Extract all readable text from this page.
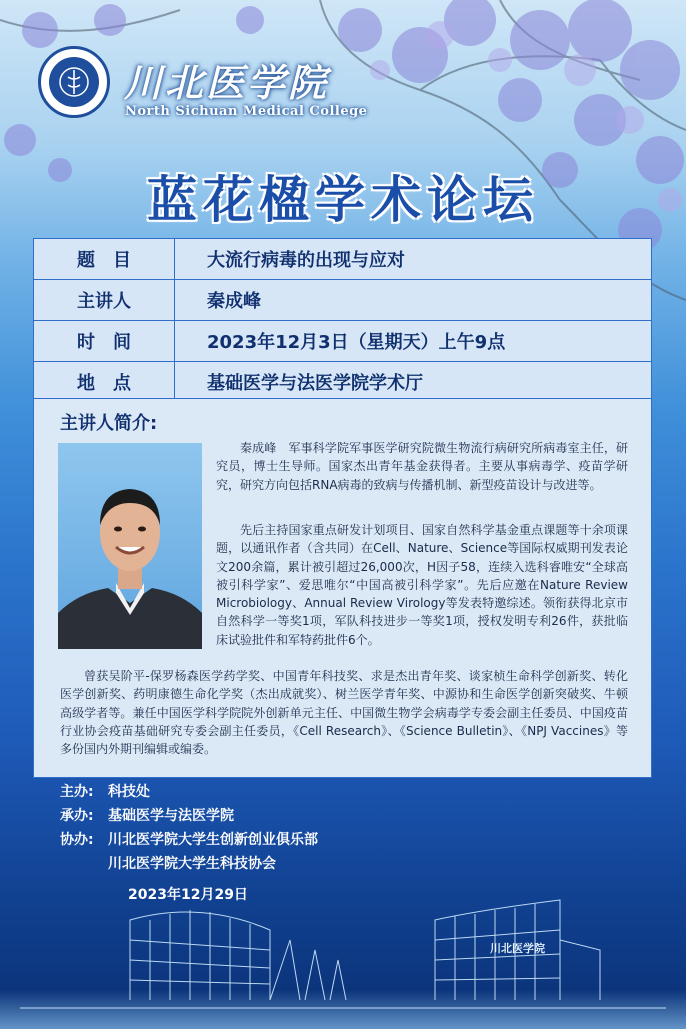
川北医学院
North Sichuan Medical College
蓝花楹学术论坛
题　目	大流行病毒的出现与应对
主讲人	秦成峰
时　间	2023年12月3日（星期天）上午9点
地　点	基础医学与法医学院学术厅
主讲人简介:

秦成峰　军事科学院军事医学研究院微生物流行病研究所病毒室主任，研究员，博士生导师。国家杰出青年基金获得者。主要从事病毒学、疫苗学研究，研究方向包括RNA病毒的致病与传播机制、新型疫苗设计与改进等。

先后主持国家重点研发计划项目、国家自然科学基金重点课题等十余项课题，以通讯作者（含共同）在Cell、Nature、Science等国际权威期刊发表论文200余篇，累计被引超过26,000次，H因子58，连续入选科睿唯安“全球高被引科学家”、爱思唯尔“中国高被引科学家”。先后应邀在Nature Review Microbiology、Annual Review Virology等发表特邀综述。领衔获得北京市自然科学一等奖1项，军队科技进步一等奖1项，授权发明专利26件，获批临床试验批件和军特药批件6个。

曾获吴阶平-保罗杨森医学药学奖、中国青年科技奖、求是杰出青年奖、谈家桢生命科学创新奖、转化医学创新奖、药明康德生命化学奖（杰出成就奖）、树兰医学青年奖、中源协和生命医学创新突破奖、牛顿高级学者等。兼任中国医学科学院院外创新单元主任、中国微生物学会病毒学专委会副主任委员、中国疫苗行业协会疫苗基础研究专委会副主任委员，《Cell Research》、《Science Bulletin》、《NPJ Vaccines》等多份国内外期刊编辑或编委。

主办:	科技处
承办:	基础医学与法医学院
协办:	川北医学院大学生创新创业俱乐部
川北医学院大学生科技协会
2023年12月29日
川北医学院
